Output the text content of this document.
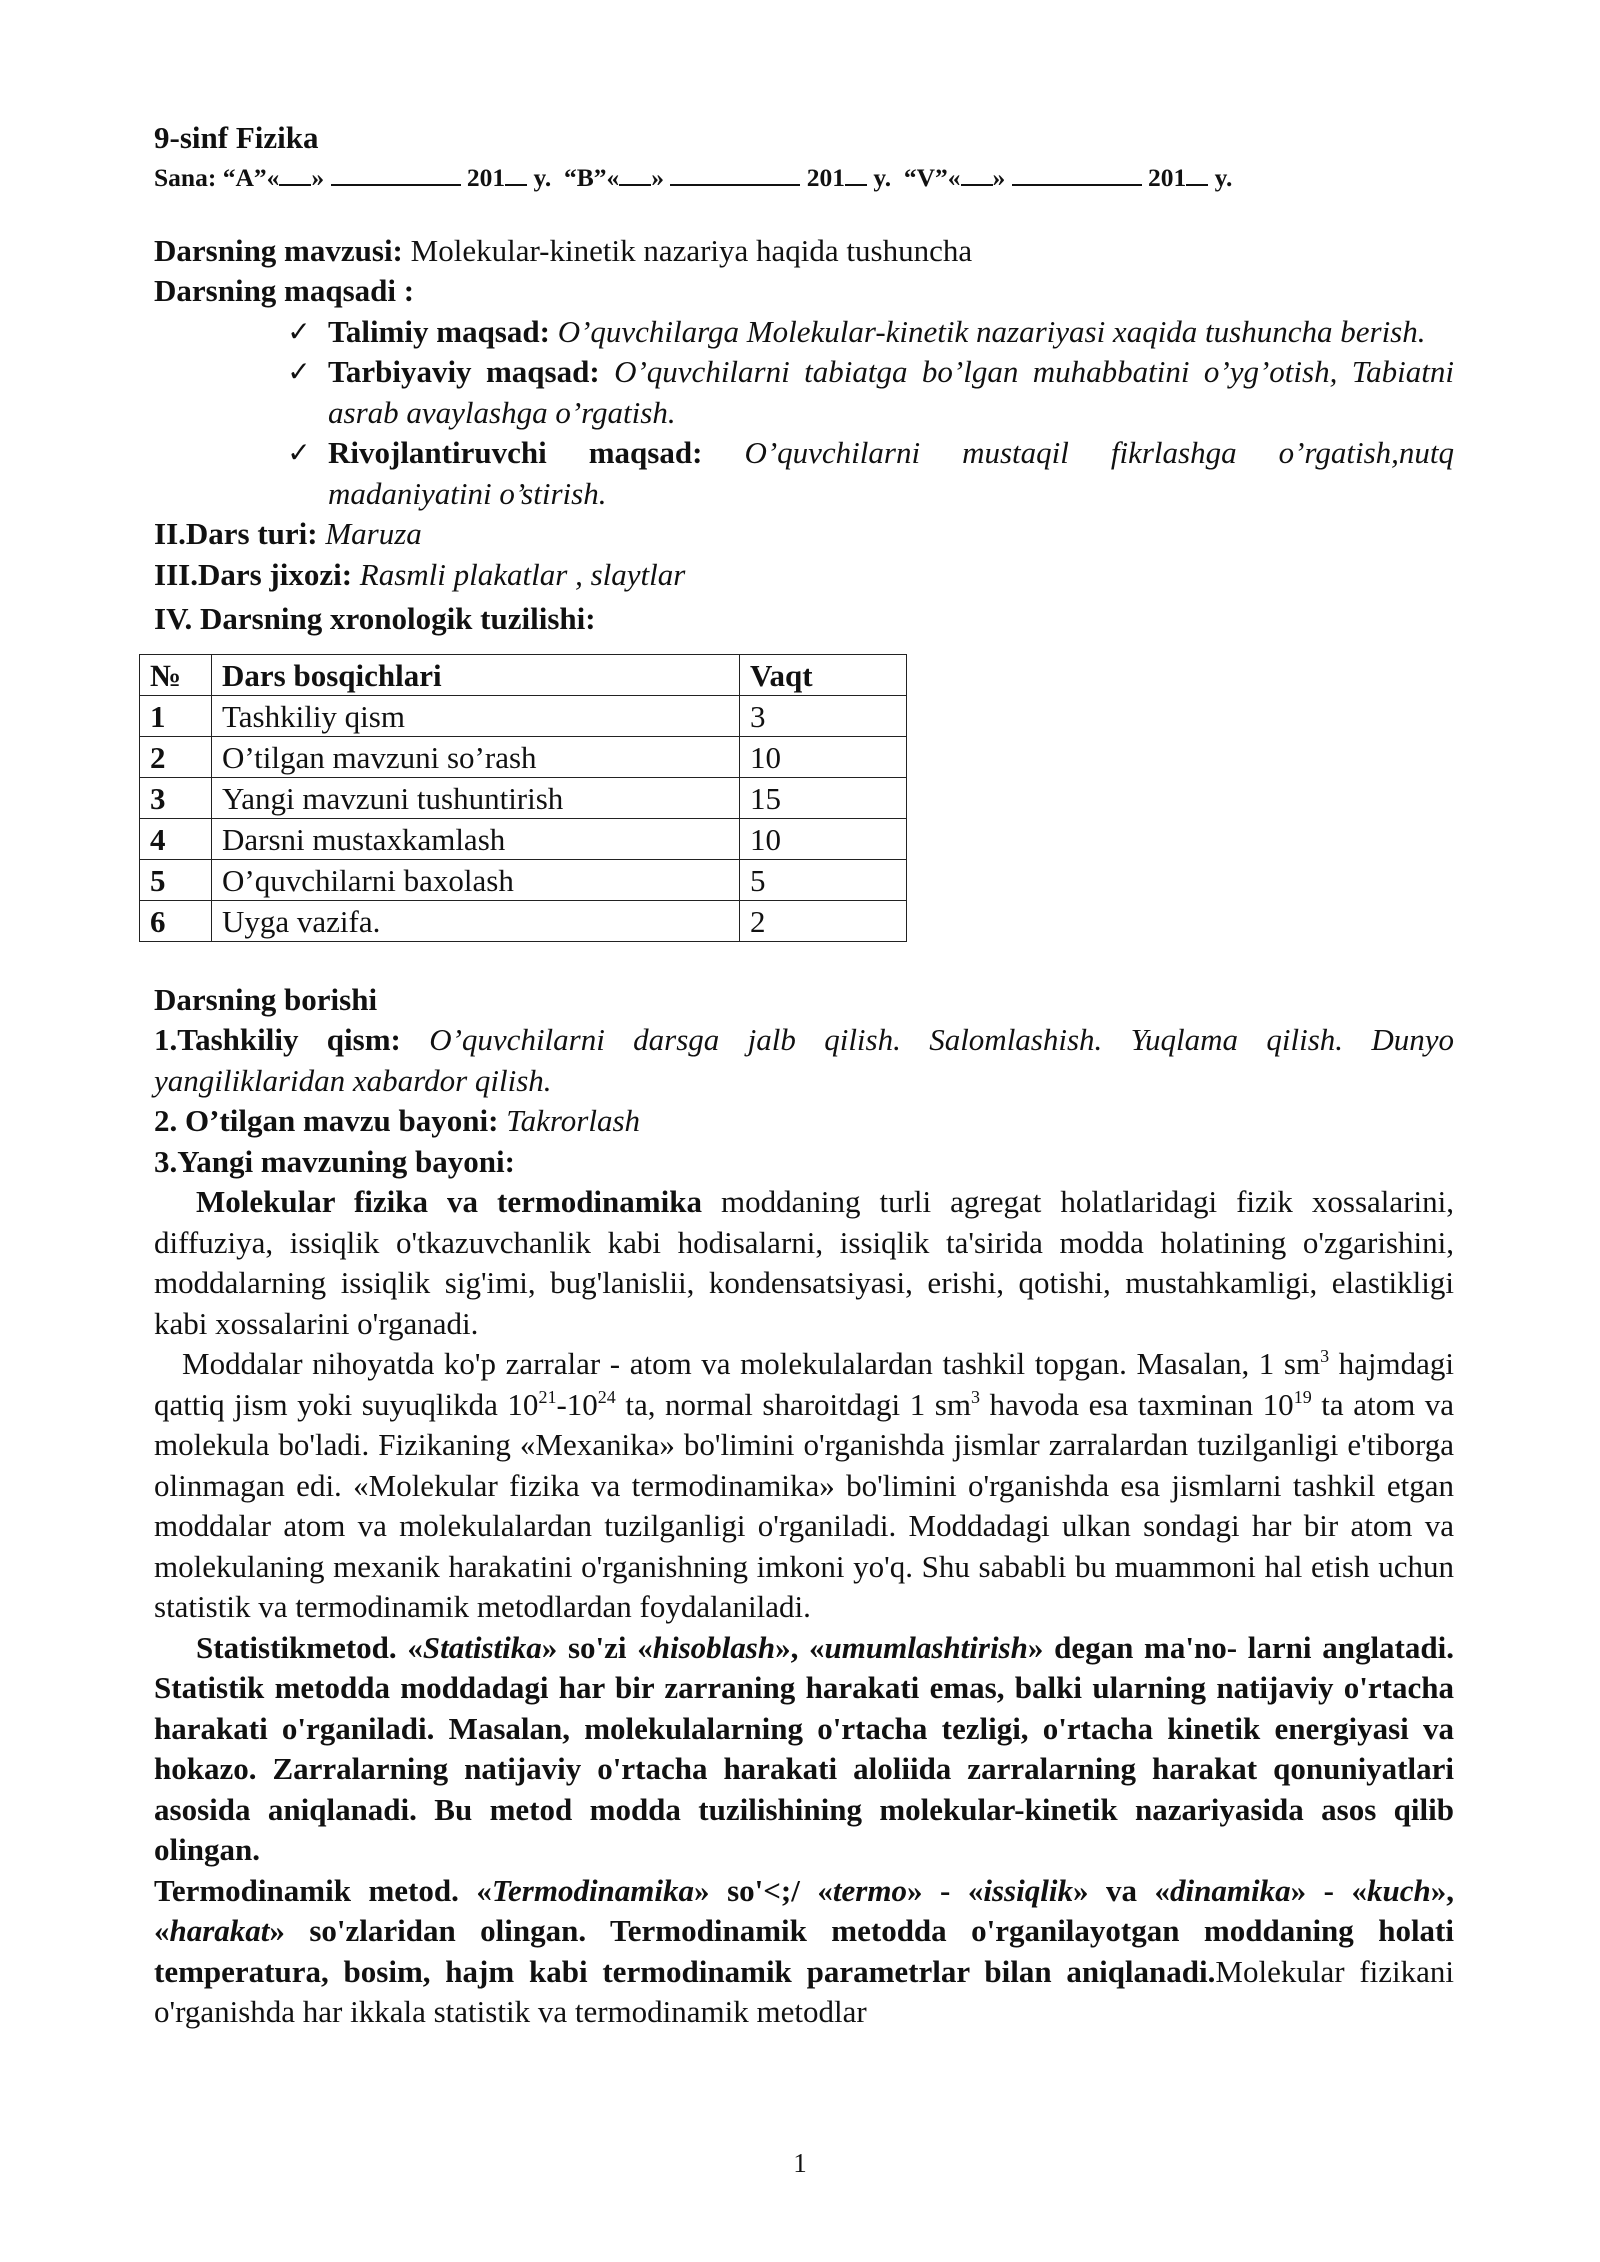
9-sinf Fizika

Sana: “A”« »	201 y. “B”« »	201 y. “V”« »	201 y.

Darsning mavzusi: Molekular-kinetik nazariya haqida tushuncha

Darsning maqsadi :

✓ Talimiy maqsad: O’quvchilarga Molekular-kinetik nazariyasi xaqida tushuncha berish.

✓ Tarbiyaviy maqsad: O’quvchilarni tabiatga bo’lgan muhabbatini o’yg’otish, Tabiatni asrab avaylashga o’rgatish.

✓ Rivojlantiruvchi maqsad: O’quvchilarni mustaqil fikrlashga o’rgatish,nutq madaniyatini o’stirish.

II.Dars turi: Maruza

III.Dars jixozi: Rasmli plakatlar , slaytlar

IV. Darsning xronologik tuzilishi:

№	Dars bosqichlari	Vaqt
1	Tashkiliy qism	3
2	O’tilgan mavzuni so’rash	10
3	Yangi mavzuni tushuntirish	15
4	Darsni mustaxkamlash	10
5	O’quvchilarni baxolash	5
6	Uyga vazifa.	2

Darsning borishi

1.Tashkiliy qism: O’quvchilarni darsga jalb qilish. Salomlashish. Yuqlama qilish. Dunyo yangiliklaridan xabardor qilish.

2. O’tilgan mavzu bayoni: Takrorlash

3.Yangi mavzuning bayoni:

Molekular fizika va termodinamika moddaning turli agregat holatlaridagi fizik xossalarini, diffuziya, issiqlik o'tkazuvchanlik kabi hodisalarni, issiqlik ta'sirida modda holatining o'zgarishini, moddalarning issiqlik sig'imi, bug'lanislii, kondensatsiyasi, erishi, qotishi, mustahkamligi, elastikligi kabi xossalarini o'rganadi.

Moddalar nihoyatda ko'p zarralar - atom va molekulalardan tashkil topgan. Masalan, 1 $sm^3$ hajmdagi qattiq jism yoki suyuqlikda $10^{21}-10^{24}$ ta, normal sharoitdagi 1 $sm^3$ havoda esa taxminan $10^{19}$ ta atom va molekula bo'ladi. Fizikaning «Mexanika» bo'limini o'rganishda jismlar zarralardan tuzilganligi e'tiborga olinmagan edi. «Molekular fizika va termodinamika» bo'limini o'rganishda esa jismlarni tashkil etgan moddalar atom va molekulalardan tuzilganligi o'rganiladi. Moddadagi ulkan sondagi har bir atom va molekulaning mexanik harakatini o'rganishning imkoni yo'q. Shu sababli bu muammoni hal etish uchun statistik va termodinamik metodlardan foydalaniladi.

Statistikmetod. «Statistika» so'zi «hisoblash», «umumlashtirish» degan ma'no- larni anglatadi. Statistik metodda moddadagi har bir zarraning harakati emas, balki ularning natijaviy o'rtacha harakati o'rganiladi. Masalan, molekulalarning o'rtacha tezligi, o'rtacha kinetik energiyasi va hokazo. Zarralarning natijaviy o'rtacha harakati aloliida zarralarning harakat qonuniyatlari asosida aniqlanadi. Bu metod modda tuzilishining molekular-kinetik nazariyasida asos qilib olingan.

Termodinamik metod. «Termodinamika» so'<;/ «termo» - «issiqlik» va «dinamika» - «kuch», «harakat» so'zlaridan olingan. Termodinamik metodda o'rganilayotgan moddaning holati temperatura, bosim, hajm kabi termodinamik parametrlar bilan aniqlanadi.Molekular fizikani o'rganishda har ikkala statistik va termodinamik metodlar

1
